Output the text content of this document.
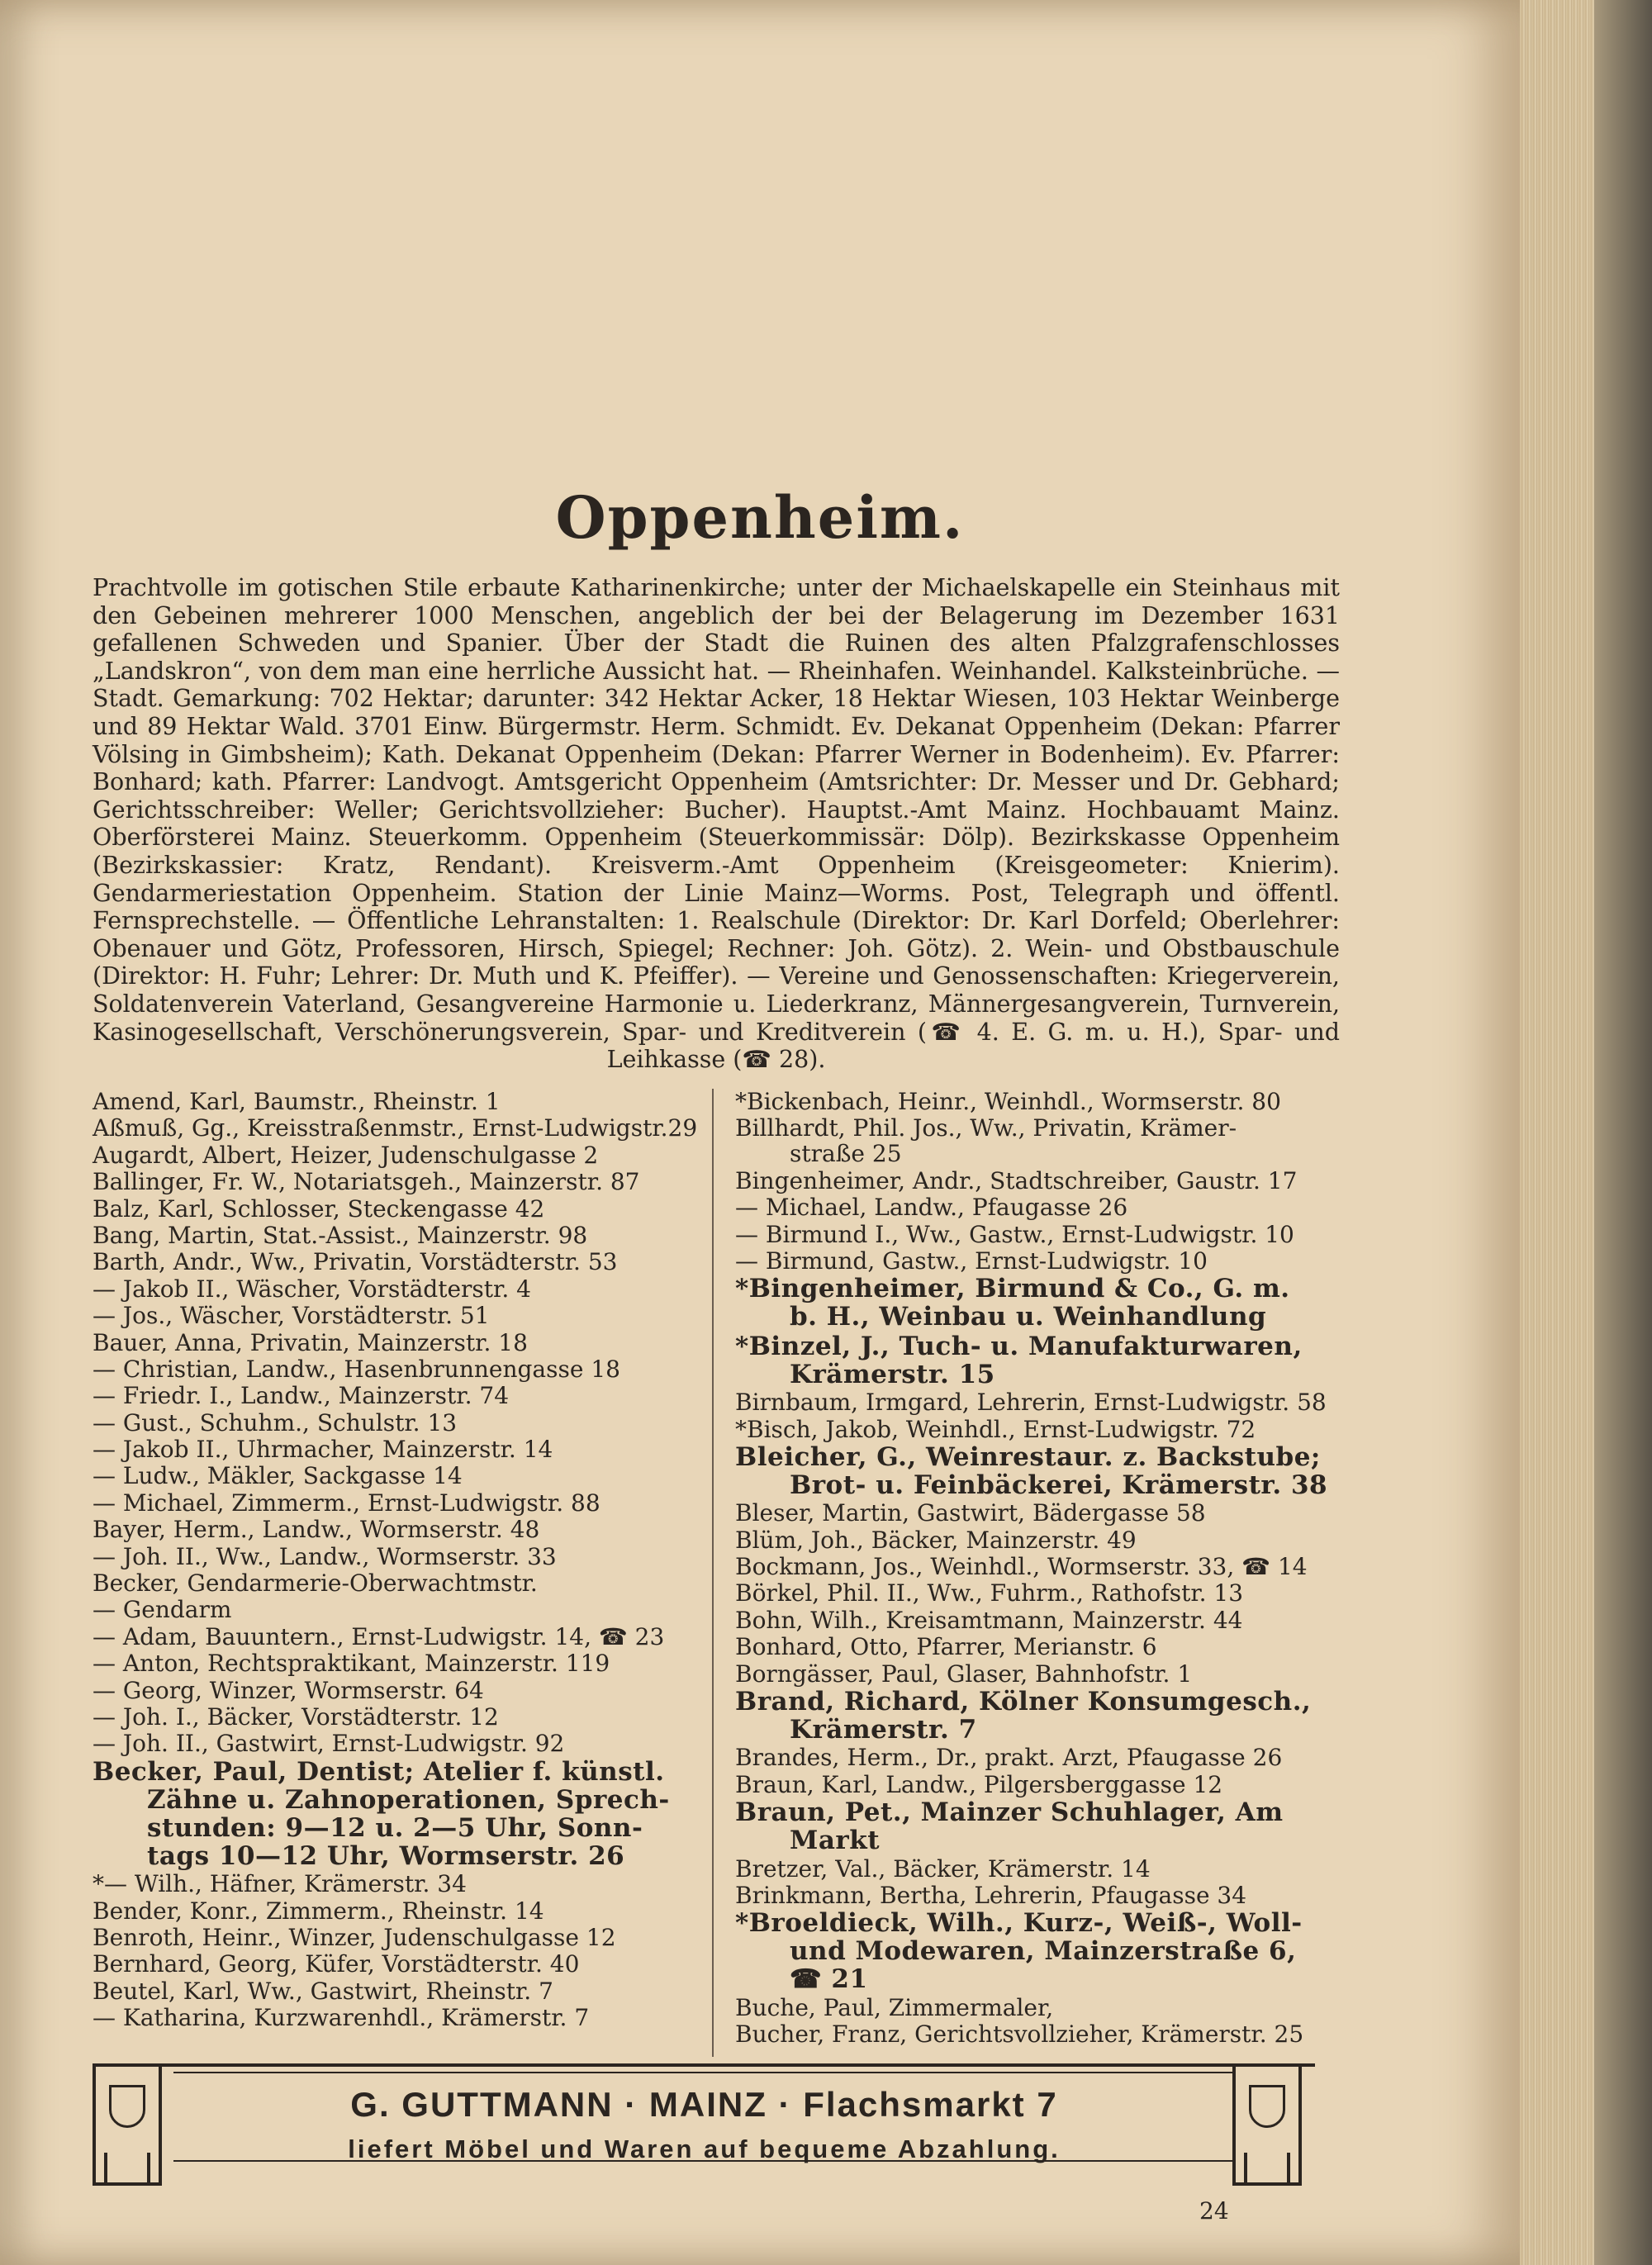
Oppenheim.

Prachtvolle im gotischen Stile erbaute Katharinenkirche; unter der Michaelskapelle ein Steinhaus mit den Gebeinen mehrerer 1000 Menschen, angeblich der bei der Belagerung im Dezember 1631 gefallenen Schweden und Spanier. Über der Stadt die Ruinen des alten Pfalzgrafenschlosses „Landskron“, von dem man eine herrliche Aussicht hat. — Rheinhafen. Weinhandel. Kalksteinbrüche. — Stadt. Gemarkung: 702 Hektar; darunter: 342 Hektar Acker, 18 Hektar Wiesen, 103 Hektar Weinberge und 89 Hektar Wald. 3701 Einw. Bürgermstr. Herm. Schmidt. Ev. Dekanat Oppenheim (Dekan: Pfarrer Völsing in Gimbsheim); Kath. Dekanat Oppenheim (Dekan: Pfarrer Werner in Bodenheim). Ev. Pfarrer: Bonhard; kath. Pfarrer: Landvogt. Amtsgericht Oppenheim (Amtsrichter: Dr. Messer und Dr. Gebhard; Gerichtsschreiber: Weller; Gerichtsvollzieher: Bucher). Hauptst.-Amt Mainz. Hochbauamt Mainz. Oberförsterei Mainz. Steuerkomm. Oppenheim (Steuerkommissär: Dölp). Bezirkskasse Oppenheim (Bezirkskassier: Kratz, Rendant). Kreisverm.-Amt Oppenheim (Kreisgeometer: Knierim). Gendarmeriestation Oppenheim. Station der Linie Mainz—Worms. Post, Telegraph und öffentl. Fernsprechstelle. — Öffentliche Lehranstalten: 1. Realschule (Direktor: Dr. Karl Dorfeld; Oberlehrer: Obenauer und Götz, Professoren, Hirsch, Spiegel; Rechner: Joh. Götz). 2. Wein- und Obstbauschule (Direktor: H. Fuhr; Lehrer: Dr. Muth und K. Pfeiffer). — Vereine und Genossenschaften: Kriegerverein, Soldatenverein Vaterland, Gesangvereine Harmonie u. Liederkranz, Männergesangverein, Turnverein, Kasinogesellschaft, Verschönerungsverein, Spar- und Kreditverein (☎ 4. E. G. m. u. H.), Spar- und Leihkasse (☎ 28).

Amend, Karl, Baumstr., Rheinstr. 1
Aßmuß, Gg., Kreisstraßenmstr., Ernst-Ludwigstr.29
Augardt, Albert, Heizer, Judenschulgasse 2
Ballinger, Fr. W., Notariatsgeh., Mainzerstr. 87
Balz, Karl, Schlosser, Steckengasse 42
Bang, Martin, Stat.-Assist., Mainzerstr. 98
Barth, Andr., Ww., Privatin, Vorstädterstr. 53
— Jakob II., Wäscher, Vorstädterstr. 4
— Jos., Wäscher, Vorstädterstr. 51
Bauer, Anna, Privatin, Mainzerstr. 18
— Christian, Landw., Hasenbrunnengasse 18
— Friedr. I., Landw., Mainzerstr. 74
— Gust., Schuhm., Schulstr. 13
— Jakob II., Uhrmacher, Mainzerstr. 14
— Ludw., Mäkler, Sackgasse 14
— Michael, Zimmerm., Ernst-Ludwigstr. 88
Bayer, Herm., Landw., Wormserstr. 48
— Joh. II., Ww., Landw., Wormserstr. 33
Becker, Gendarmerie-Oberwachtmstr.
— Gendarm
— Adam, Bauuntern., Ernst-Ludwigstr. 14, ☎ 23
— Anton, Rechtspraktikant, Mainzerstr. 119
— Georg, Winzer, Wormserstr. 64
— Joh. I., Bäcker, Vorstädterstr. 12
— Joh. II., Gastwirt, Ernst-Ludwigstr. 92
Becker, Paul, Dentist; Atelier f. künstl.
Zähne u. Zahnoperationen, Sprech-
stunden: 9—12 u. 2—5 Uhr, Sonn-
tags 10—12 Uhr, Wormserstr. 26
*— Wilh., Häfner, Krämerstr. 34
Bender, Konr., Zimmerm., Rheinstr. 14
Benroth, Heinr., Winzer, Judenschulgasse 12
Bernhard, Georg, Küfer, Vorstädterstr. 40
Beutel, Karl, Ww., Gastwirt, Rheinstr. 7
— Katharina, Kurzwarenhdl., Krämerstr. 7
*Bickenbach, Heinr., Weinhdl., Wormserstr. 80
Billhardt, Phil. Jos., Ww., Privatin, Krämer-
straße 25
Bingenheimer, Andr., Stadtschreiber, Gaustr. 17
— Michael, Landw., Pfaugasse 26
— Birmund I., Ww., Gastw., Ernst-Ludwigstr. 10
— Birmund, Gastw., Ernst-Ludwigstr. 10
*Bingenheimer, Birmund & Co., G. m.
b. H., Weinbau u. Weinhandlung
*Binzel, J., Tuch- u. Manufakturwaren,
Krämerstr. 15
Birnbaum, Irmgard, Lehrerin, Ernst-Ludwigstr. 58
*Bisch, Jakob, Weinhdl., Ernst-Ludwigstr. 72
Bleicher, G., Weinrestaur. z. Backstube;
Brot- u. Feinbäckerei, Krämerstr. 38
Bleser, Martin, Gastwirt, Bädergasse 58
Blüm, Joh., Bäcker, Mainzerstr. 49
Bockmann, Jos., Weinhdl., Wormserstr. 33, ☎ 14
Börkel, Phil. II., Ww., Fuhrm., Rathofstr. 13
Bohn, Wilh., Kreisamtmann, Mainzerstr. 44
Bonhard, Otto, Pfarrer, Merianstr. 6
Borngässer, Paul, Glaser, Bahnhofstr. 1
Brand, Richard, Kölner Konsumgesch.,
Krämerstr. 7
Brandes, Herm., Dr., prakt. Arzt, Pfaugasse 26
Braun, Karl, Landw., Pilgersberggasse 12
Braun, Pet., Mainzer Schuhlager, Am
Markt
Bretzer, Val., Bäcker, Krämerstr. 14
Brinkmann, Bertha, Lehrerin, Pfaugasse 34
*Broeldieck, Wilh., Kurz-, Weiß-, Woll-
und Modewaren, Mainzerstraße 6,
☎ 21
Buche, Paul, Zimmermaler,
Bucher, Franz, Gerichtsvollzieher, Krämerstr. 25
G. GUTTMANN · MAINZ · Flachsmarkt 7
liefert Möbel und Waren auf bequeme Abzahlung.
24
